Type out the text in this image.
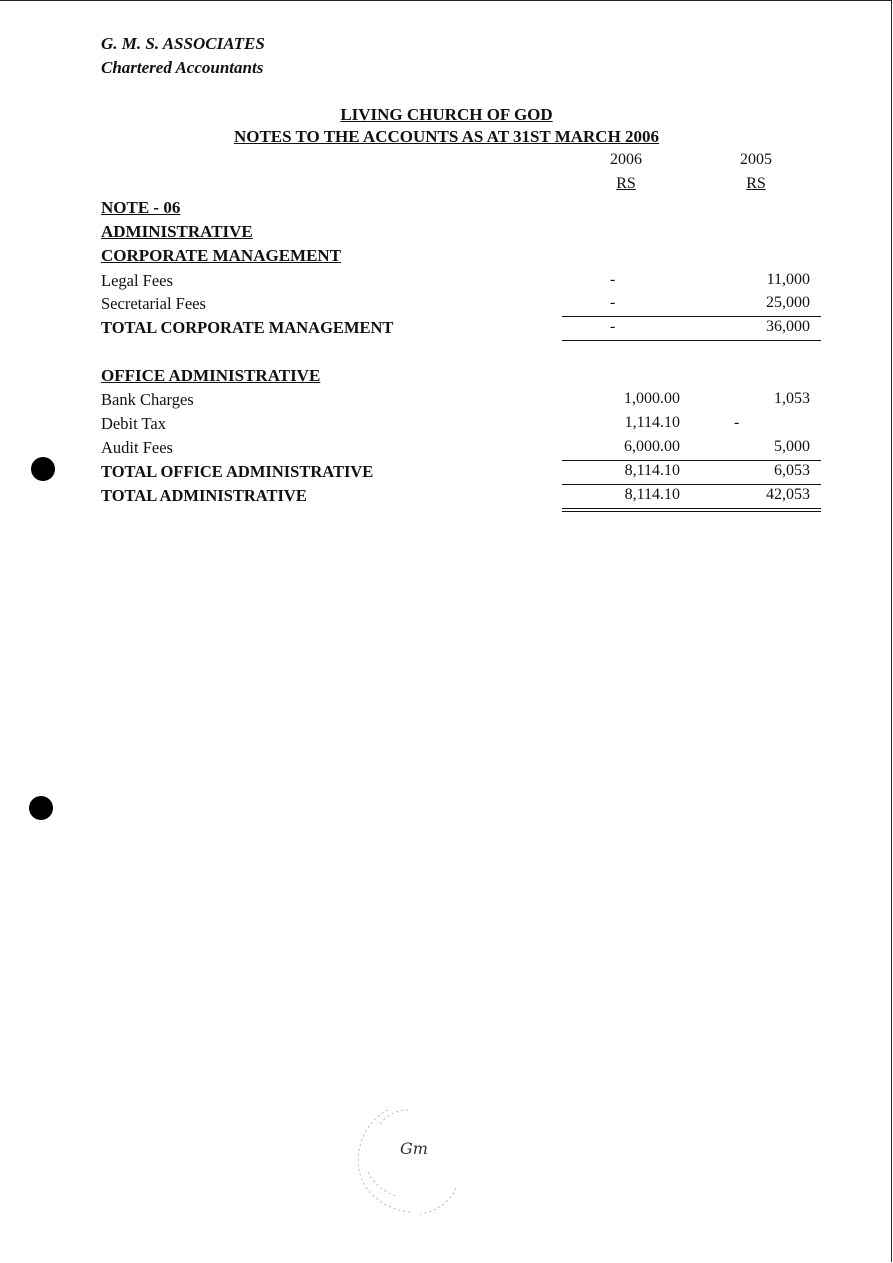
G. M. S. ASSOCIATES
Chartered Accountants
LIVING CHURCH OF GOD
NOTES TO THE ACCOUNTS AS AT 31ST MARCH 2006
2006	2005
RS	RS
NOTE - 06
ADMINISTRATIVE
CORPORATE MANAGEMENT
Legal Fees	-	11,000
Secretarial Fees	-	25,000
TOTAL CORPORATE MANAGEMENT	-	36,000
OFFICE ADMINISTRATIVE
Bank Charges	1,000.00	1,053
Debit Tax	1,114.10	-
Audit Fees	6,000.00	5,000
TOTAL OFFICE ADMINISTRATIVE	8,114.10	6,053
TOTAL ADMINISTRATIVE	8,114.10	42,053
Gm
